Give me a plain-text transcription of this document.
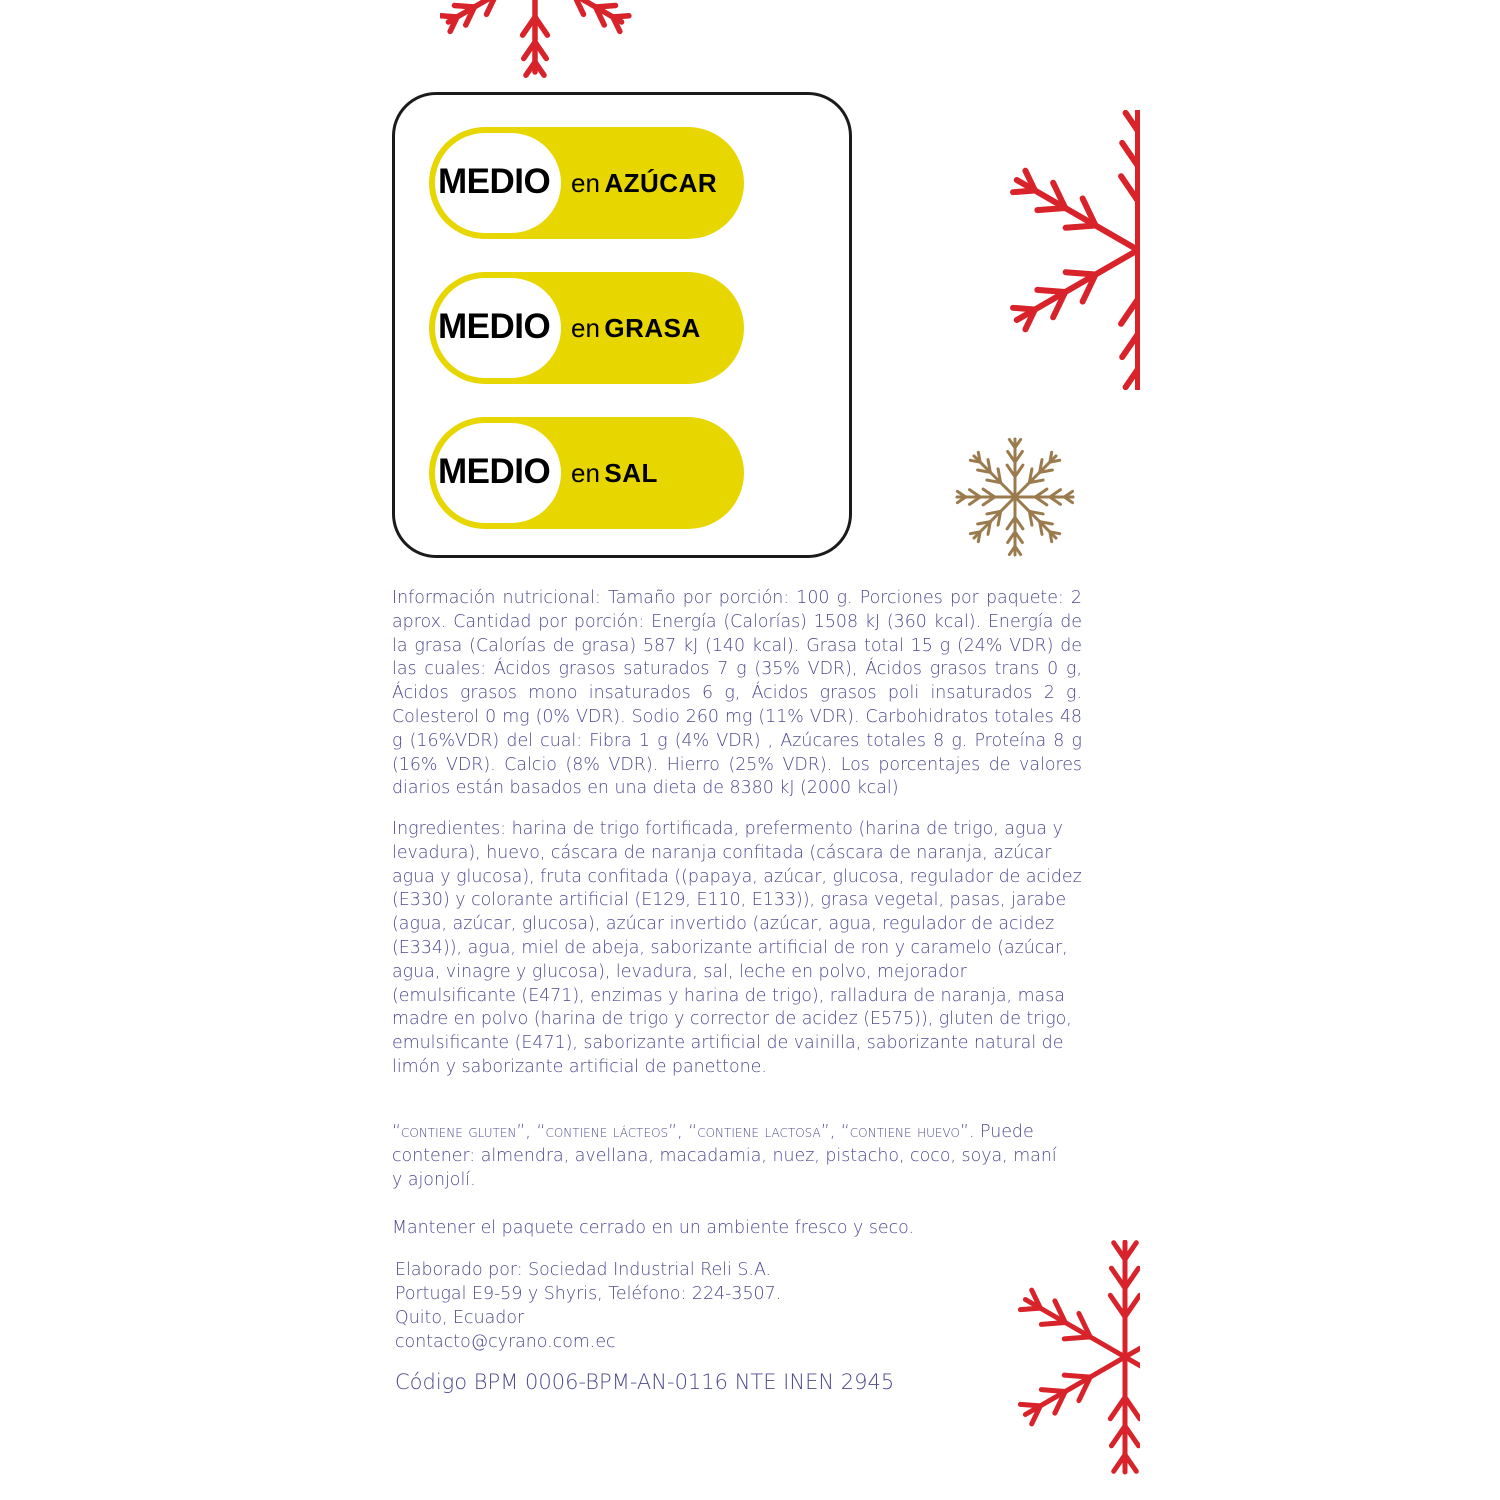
MEDIO en AZÚCAR
MEDIO en GRASA
MEDIO en SAL

Información nutricional: Tamaño por porción: 100 g. Porciones por paquete: 2 aprox. Cantidad por porción: Energía (Calorías) 1508 kJ (360 kcal). Energía de la grasa (Calorías de grasa) 587 kJ (140 kcal). Grasa total 15 g (24% VDR) de las cuales: Ácidos grasos saturados 7 g (35% VDR), Ácidos grasos trans 0 g, Ácidos grasos mono insaturados 6 g, Ácidos grasos poli insaturados 2 g. Colesterol 0 mg (0% VDR). Sodio 260 mg (11% VDR). Carbohidratos totales 48 g (16%VDR) del cual: Fibra 1 g (4% VDR) , Azúcares totales 8 g. Proteína 8 g (16% VDR). Calcio (8% VDR). Hierro (25% VDR). Los porcentajes de valores diarios están basados en una dieta de 8380 kJ (2000 kcal)

Ingredientes: harina de trigo fortificada, prefermento (harina de trigo, agua y levadura), huevo, cáscara de naranja confitada (cáscara de naranja, azúcar agua y glucosa), fruta confitada ((papaya, azúcar, glucosa, regulador de acidez (E330) y colorante artificial (E129, E110, E133)), grasa vegetal, pasas, jarabe (agua, azúcar, glucosa), azúcar invertido (azúcar, agua, regulador de acidez (E334)), agua, miel de abeja, saborizante artificial de ron y caramelo (azúcar, agua, vinagre y glucosa), levadura, sal, leche en polvo, mejorador (emulsificante (E471), enzimas y harina de trigo), ralladura de naranja, masa madre en polvo (harina de trigo y corrector de acidez (E575)), gluten de trigo, emulsificante (E471), saborizante artificial de vainilla, saborizante natural de limón y saborizante artificial de panettone.

“contiene gluten”, “contiene lácteos”, “contiene lactosa”, “contiene huevo”. Puede contener: almendra, avellana, macadamia, nuez, pistacho, coco, soya, maní y ajonjolí.

Mantener el paquete cerrado en un ambiente fresco y seco.

Elaborado por: Sociedad Industrial Reli S.A.
Portugal E9-59 y Shyris, Teléfono: 224-3507.
Quito, Ecuador
contacto@cyrano.com.ec

Código BPM 0006-BPM-AN-0116 NTE INEN 2945
